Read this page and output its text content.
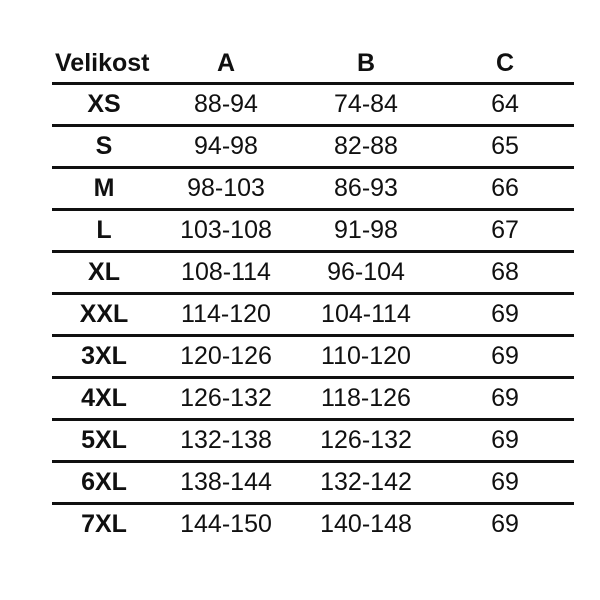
Velikost	A	B	C
XS	88-94	74-84	64
S	94-98	82-88	65
M	98-103	86-93	66
L	103-108	91-98	67
XL	108-114	96-104	68
XXL	114-120	104-114	69
3XL	120-126	110-120	69
4XL	126-132	118-126	69
5XL	132-138	126-132	69
6XL	138-144	132-142	69
7XL	144-150	140-148	69
